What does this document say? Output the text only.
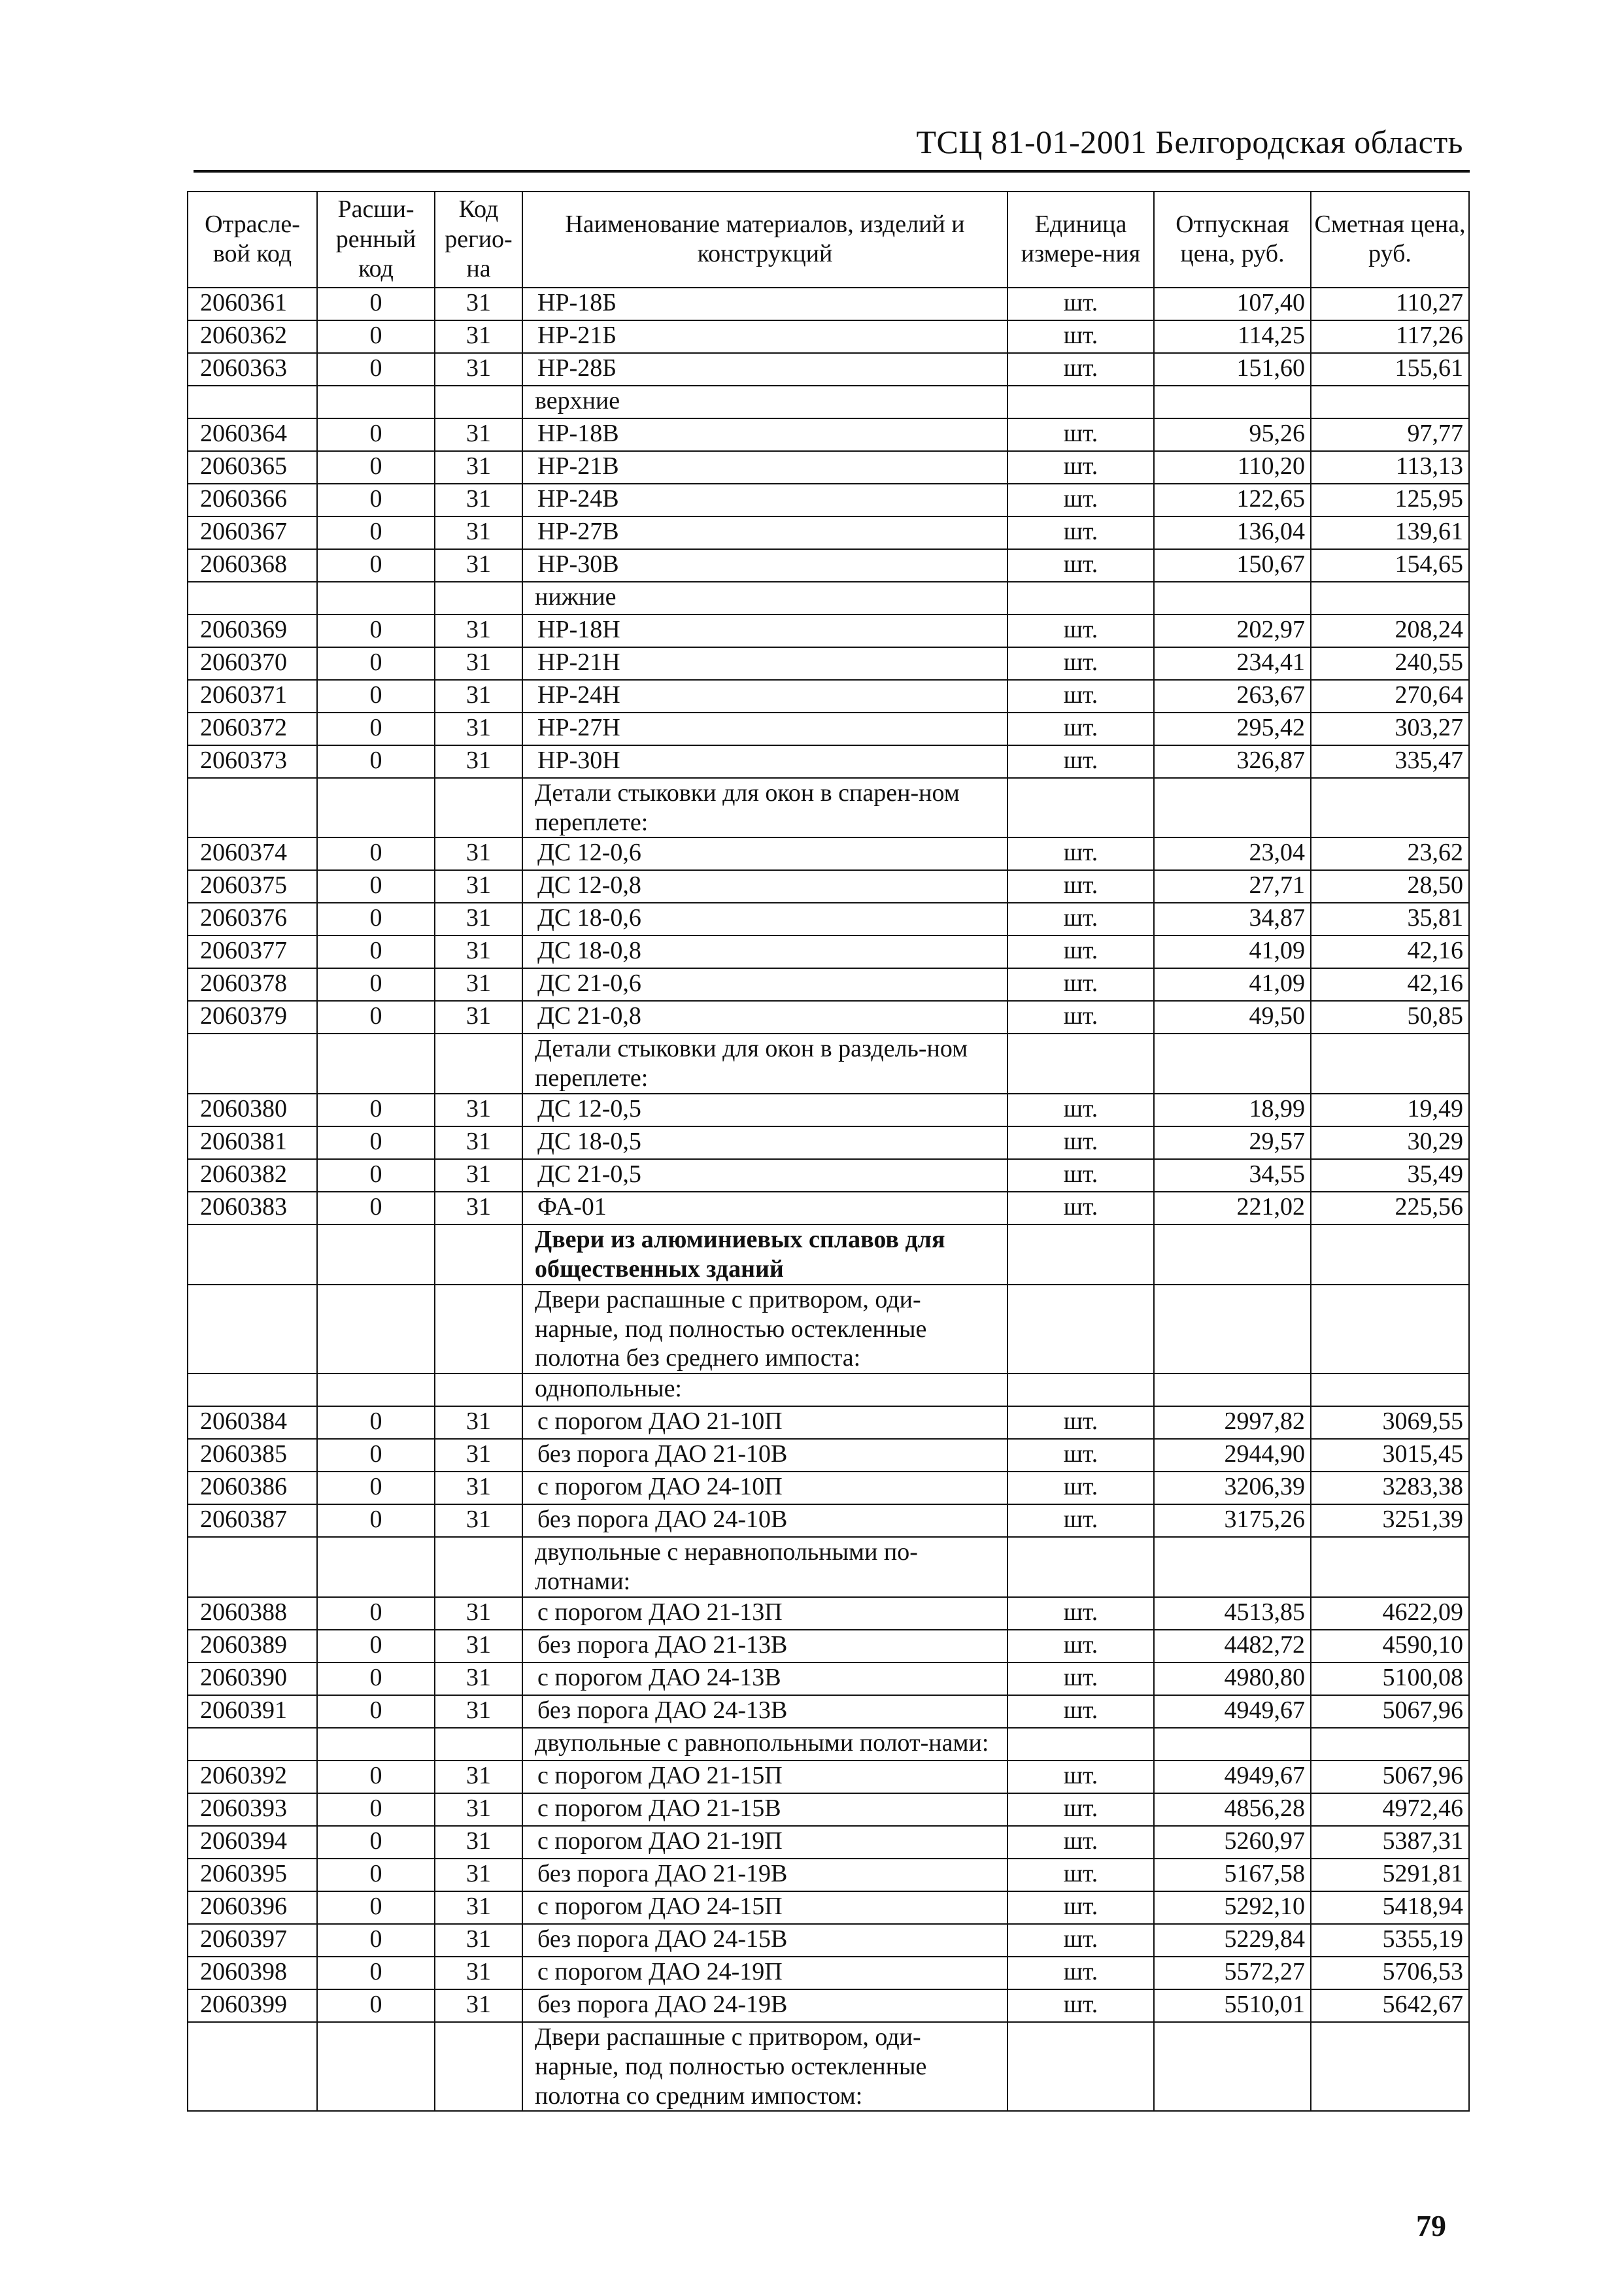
ТСЦ 81-01-2001 Белгородская область
Отрасле-вой код	Расши-ренный код	Код регио-на	Наименование материалов, изделий и конструкций	Единица измере-ния	Отпускная цена, руб.	Сметная цена, руб.
2060361	0	31	НР-18Б	шт.	107,40	110,27
2060362	0	31	НР-21Б	шт.	114,25	117,26
2060363	0	31	НР-28Б	шт.	151,60	155,61
			верхние			
2060364	0	31	НР-18В	шт.	95,26	97,77
2060365	0	31	НР-21В	шт.	110,20	113,13
2060366	0	31	НР-24В	шт.	122,65	125,95
2060367	0	31	НР-27В	шт.	136,04	139,61
2060368	0	31	НР-30В	шт.	150,67	154,65
			нижние			
2060369	0	31	НР-18Н	шт.	202,97	208,24
2060370	0	31	НР-21Н	шт.	234,41	240,55
2060371	0	31	НР-24Н	шт.	263,67	270,64
2060372	0	31	НР-27Н	шт.	295,42	303,27
2060373	0	31	НР-30Н	шт.	326,87	335,47
			Детали стыковки для окон в спарен-ном переплете:			
2060374	0	31	ДС 12-0,6	шт.	23,04	23,62
2060375	0	31	ДС 12-0,8	шт.	27,71	28,50
2060376	0	31	ДС 18-0,6	шт.	34,87	35,81
2060377	0	31	ДС 18-0,8	шт.	41,09	42,16
2060378	0	31	ДС 21-0,6	шт.	41,09	42,16
2060379	0	31	ДС 21-0,8	шт.	49,50	50,85
			Детали стыковки для окон в раздель-ном переплете:			
2060380	0	31	ДС 12-0,5	шт.	18,99	19,49
2060381	0	31	ДС 18-0,5	шт.	29,57	30,29
2060382	0	31	ДС 21-0,5	шт.	34,55	35,49
2060383	0	31	ФА-01	шт.	221,02	225,56
			Двери из алюминиевых сплавов для общественных зданий			
			Двери распашные с притвором, оди-нарные, под полностью остекленные полотна без среднего импоста:			
			однопольные:			
2060384	0	31	с порогом ДАО 21-10П	шт.	2997,82	3069,55
2060385	0	31	без порога ДАО 21-10В	шт.	2944,90	3015,45
2060386	0	31	с порогом ДАО 24-10П	шт.	3206,39	3283,38
2060387	0	31	без порога ДАО 24-10В	шт.	3175,26	3251,39
			двупольные с неравнопольными по-лотнами:			
2060388	0	31	с порогом ДАО 21-13П	шт.	4513,85	4622,09
2060389	0	31	без порога ДАО 21-13В	шт.	4482,72	4590,10
2060390	0	31	с порогом ДАО 24-13В	шт.	4980,80	5100,08
2060391	0	31	без порога ДАО 24-13В	шт.	4949,67	5067,96
			двупольные с равнопольными полот-нами:			
2060392	0	31	с порогом ДАО 21-15П	шт.	4949,67	5067,96
2060393	0	31	с порогом ДАО 21-15В	шт.	4856,28	4972,46
2060394	0	31	с порогом ДАО 21-19П	шт.	5260,97	5387,31
2060395	0	31	без порога ДАО 21-19В	шт.	5167,58	5291,81
2060396	0	31	с порогом ДАО 24-15П	шт.	5292,10	5418,94
2060397	0	31	без порога ДАО 24-15В	шт.	5229,84	5355,19
2060398	0	31	с порогом ДАО 24-19П	шт.	5572,27	5706,53
2060399	0	31	без порога ДАО 24-19В	шт.	5510,01	5642,67
			Двери распашные с притвором, оди-нарные, под полностью остекленные полотна со средним импостом:			
79
